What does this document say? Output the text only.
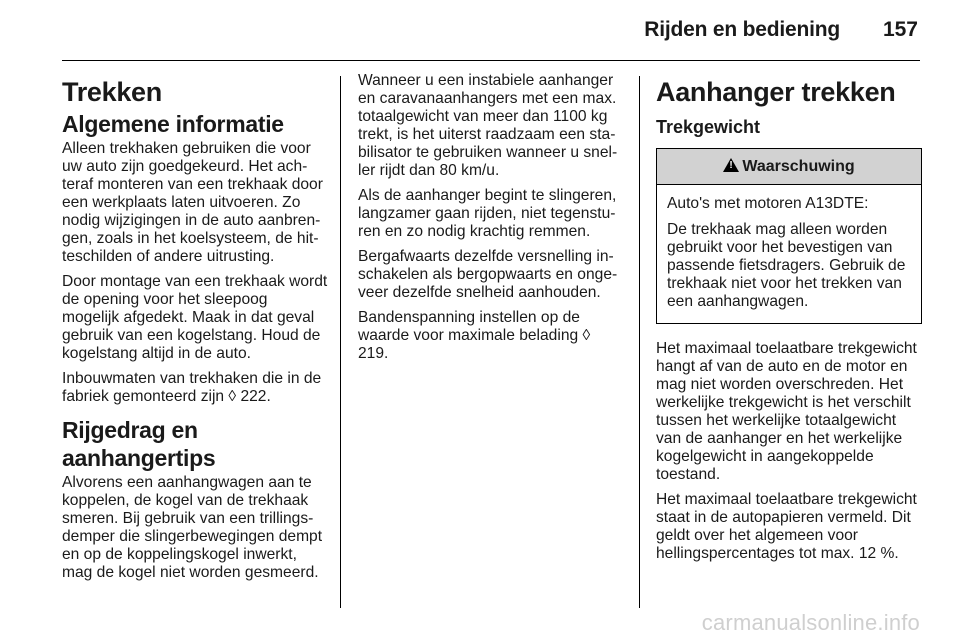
Rijden en bediening 157
Trekken
Algemene informatie

Alleen trekhaken gebruiken die voor uw auto zijn goedgekeurd. Het achteraf monteren van een trekhaak door een werkplaats laten uitvoeren. Zo nodig wijzigingen in de auto aanbrengen, zoals in het koelsysteem, de hitteschilden of andere uitrusting.

Door montage van een trekhaak wordt de opening voor het sleepoog mogelijk afgedekt. Maak in dat geval gebruik van een kogelstang. Houd de kogelstang altijd in de auto.

Inbouwmaten van trekhaken die in de fabriek gemonteerd zijn ◊ 222.

Rijgedrag en aanhangertips

Alvorens een aanhangwagen aan te koppelen, de kogel van de trekhaak smeren. Bij gebruik van een trillingsdemper die slingerbewegingen dempt en op de koppelingskogel inwerkt, mag de kogel niet worden gesmeerd.

Wanneer u een instabiele aanhanger en caravanaanhangers met een max. totaalgewicht van meer dan 1100 kg trekt, is het uiterst raadzaam een stabilisator te gebruiken wanneer u sneller rijdt dan 80 km/u.

Als de aanhanger begint te slingeren, langzamer gaan rijden, niet tegensturen en zo nodig krachtig remmen.

Bergafwaarts dezelfde versnelling inschakelen als bergopwaarts en ongeveer dezelfde snelheid aanhouden.

Bandenspanning instellen op de waarde voor maximale belading ◊ 219.

Aanhanger trekken
Trekgewicht
!Waarschuwing

Auto's met motoren A13DTE:

De trekhaak mag alleen worden gebruikt voor het bevestigen van passende fietsdragers. Gebruik de trekhaak niet voor het trekken van een aanhangwagen.

Het maximaal toelaatbare trekgewicht hangt af van de auto en de motor en mag niet worden overschreden. Het werkelijke trekgewicht is het verschilt tussen het werkelijke totaalgewicht van de aanhanger en het werkelijke kogelgewicht in aangekoppelde toestand.

Het maximaal toelaatbare trekgewicht staat in de autopapieren vermeld. Dit geldt over het algemeen voor hellingspercentages tot max. 12 %.

carmanualsonline.info
